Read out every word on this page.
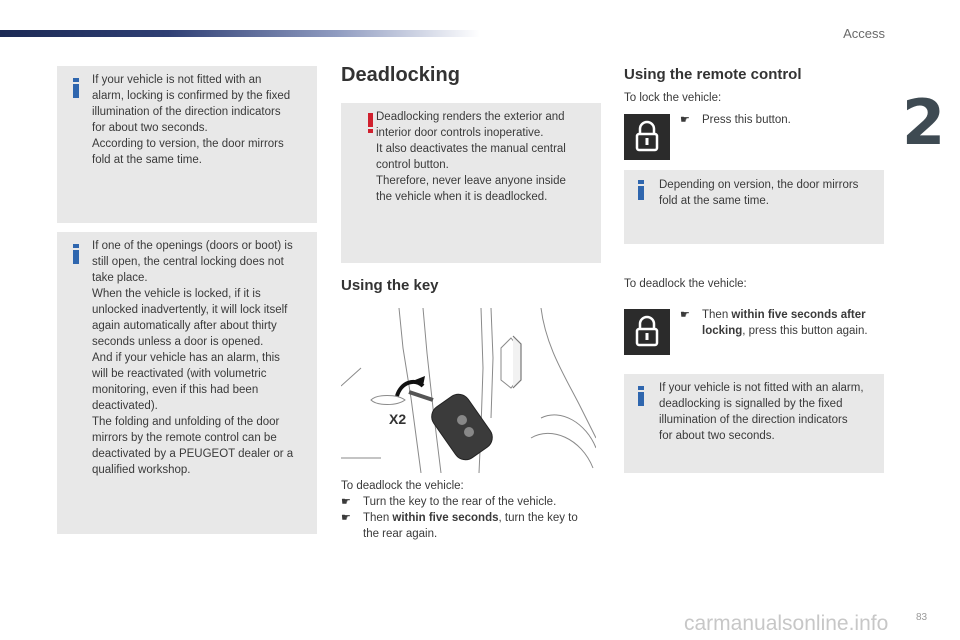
Access
2

If your vehicle is not fitted with an

alarm, locking is confirmed by the fixed

illumination of the direction indicators

for about two seconds.

According to version, the door mirrors

fold at the same time.

If one of the openings (doors or boot) is

still open, the central locking does not

take place.

When the vehicle is locked, if it is

unlocked inadvertently, it will lock itself

again automatically after about thirty

seconds unless a door is opened.

And if your vehicle has an alarm, this

will be reactivated (with volumetric

monitoring, even if this had been

deactivated).

The folding and unfolding of the door

mirrors by the remote control can be

deactivated by a PEUGEOT dealer or a

qualified workshop.

Deadlocking

Deadlocking renders the exterior and

interior door controls inoperative.

It also deactivates the manual central

control button.

Therefore, never leave anyone inside

the vehicle when it is deadlocked.

Using the key
X2

To deadlock the vehicle:

☛ Turn the key to the rear of the vehicle.

☛ Then within five seconds, turn the key to
the rear again.

Using the remote control

To lock the vehicle:

☛ Press this button.

Depending on version, the door mirrors

fold at the same time.

To deadlock the vehicle:

☛ Then within five seconds after
locking, press this button again.

If your vehicle is not fitted with an alarm,

deadlocking is signalled by the fixed

illumination of the direction indicators

for about two seconds.

carmanualsonline.info	83
